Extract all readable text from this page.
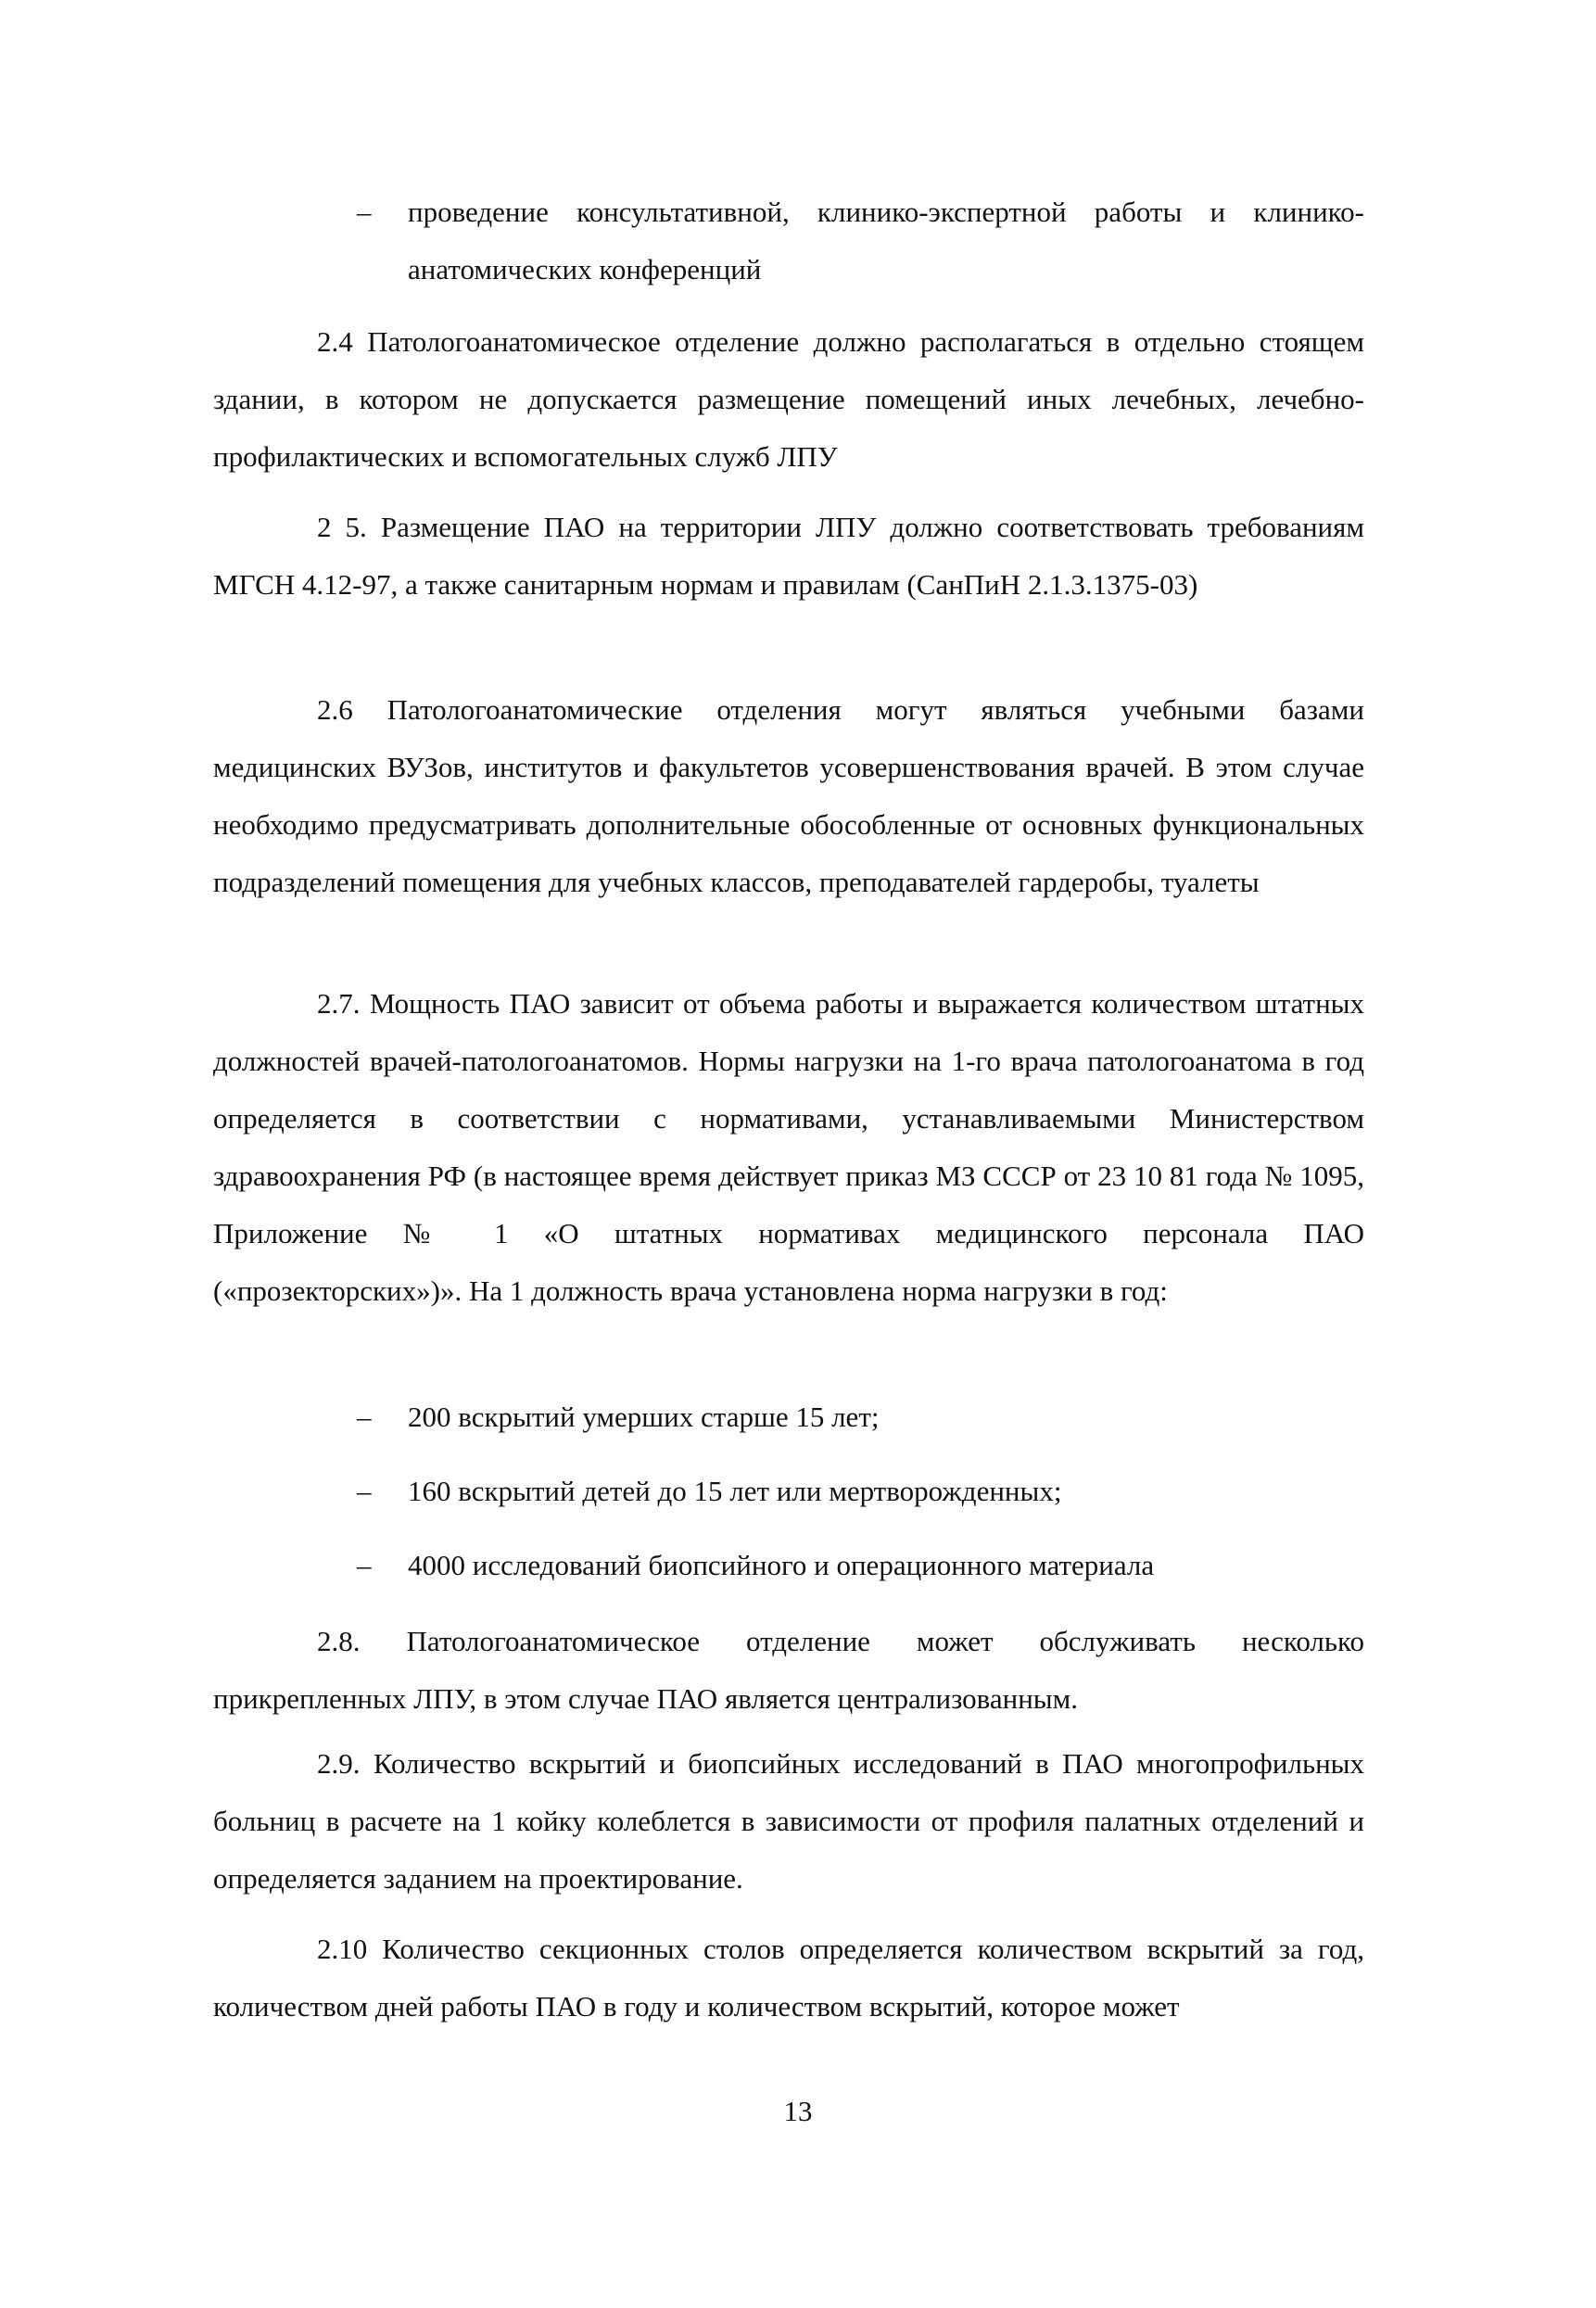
– проведение консультативной, клинико-экспертной работы и клинико-анатомических конференций

2.4 Патологоанатомическое отделение должно располагаться в отдельно стоящем здании, в котором не допускается размещение помещений иных лечебных, лечебно-профилактических и вспомогательных служб ЛПУ

2 5. Размещение ПАО на территории ЛПУ должно соответствовать требованиям МГСН 4.12-97, а также санитарным нормам и правилам (СанПиН 2.1.3.1375-03)

2.6 Патологоанатомические отделения могут являться учебными базами медицинских ВУЗов, институтов и факультетов усовершенствования врачей. В этом случае необходимо предусматривать дополнительные обособленные от основных функциональных подразделений помещения для учебных классов, преподавателей гардеробы, туалеты

2.7. Мощность ПАО зависит от объема работы и выражается количеством штатных должностей врачей-патологоанатомов. Нормы нагрузки на 1-го врача патологоанатома в год определяется в соответствии с нормативами, устанавливаемыми Министерством здравоохранения РФ (в настоящее время действует приказ МЗ СССР от 23 10 81 года № 1095, Приложение № 1 «О штатных нормативах медицинского персонала ПАО («прозекторских»)». На 1 должность врача установлена норма нагрузки в год:

– 200 вскрытий умерших старше 15 лет;

– 160 вскрытий детей до 15 лет или мертворожденных;

– 4000 исследований биопсийного и операционного материала

2.8. Патологоанатомическое отделение может обслуживать несколько прикрепленных ЛПУ, в этом случае ПАО является централизованным.

2.9. Количество вскрытий и биопсийных исследований в ПАО многопрофильных больниц в расчете на 1 койку колеблется в зависимости от профиля палатных отделений и определяется заданием на проектирование.

2.10 Количество секционных столов определяется количеством вскрытий за год, количеством дней работы ПАО в году и количеством вскрытий, которое может

13
